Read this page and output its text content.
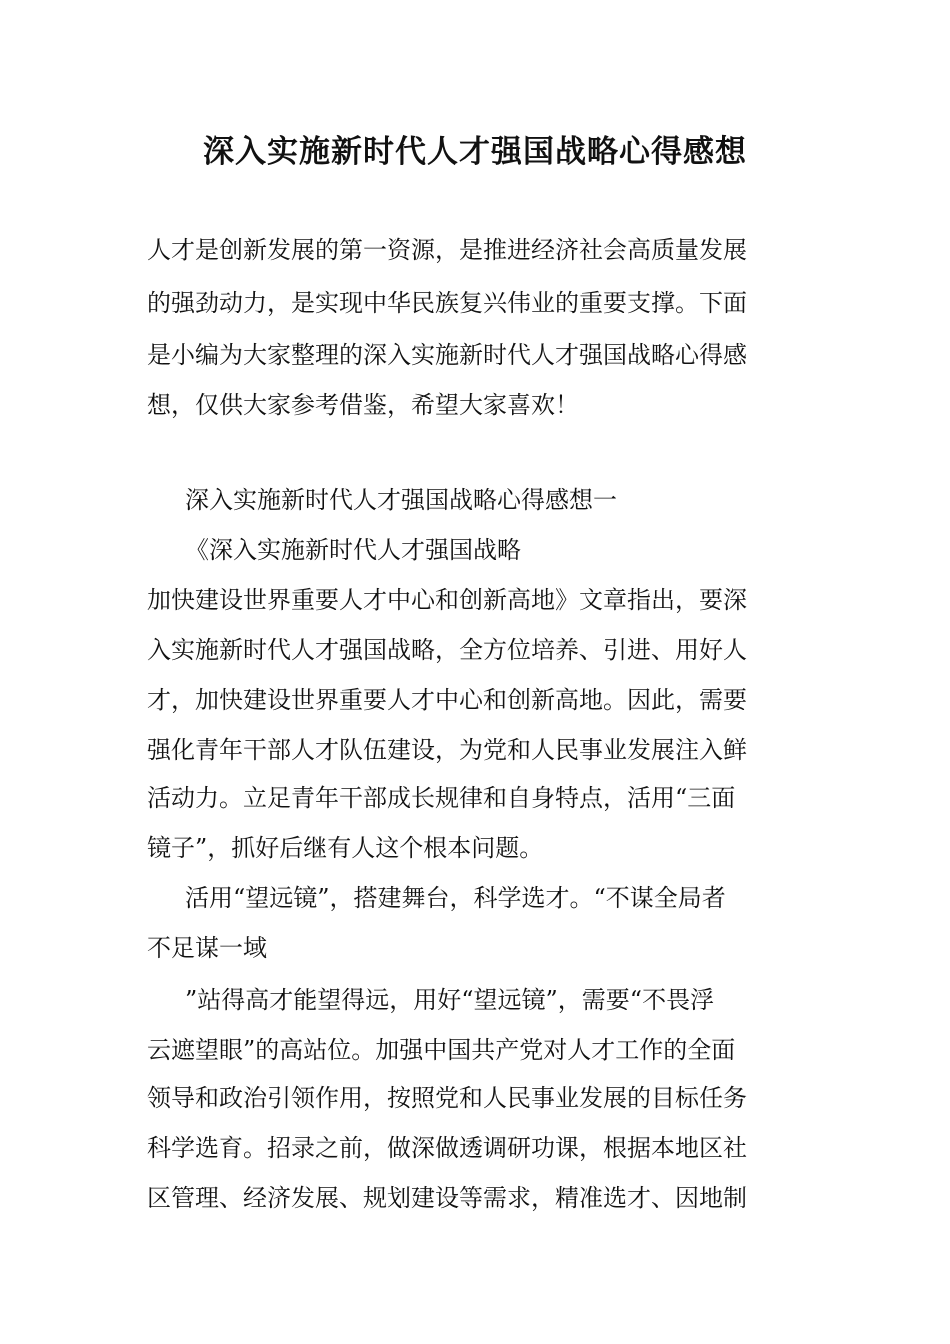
深入实施新时代人才强国战略心得感想
人才是创新发展的第一资源，是推进经济社会高质量发展
的强劲动力，是实现中华民族复兴伟业的重要支撑。下面
是小编为大家整理的深入实施新时代人才强国战略心得感
想，仅供大家参考借鉴，希望大家喜欢！
深入实施新时代人才强国战略心得感想一
《深入实施新时代人才强国战略
加快建设世界重要人才中心和创新高地》文章指出，要深
入实施新时代人才强国战略，全方位培养、引进、用好人
才，加快建设世界重要人才中心和创新高地。因此，需要
强化青年干部人才队伍建设，为党和人民事业发展注入鲜
活动力。立足青年干部成长规律和自身特点，活用“三面
镜子”，抓好后继有人这个根本问题。
活用“望远镜”，搭建舞台，科学选才。“不谋全局者
不足谋一域
”站得高才能望得远，用好“望远镜”，需要“不畏浮
云遮望眼”的高站位。加强中国共产党对人才工作的全面
领导和政治引领作用，按照党和人民事业发展的目标任务
科学选育。招录之前，做深做透调研功课，根据本地区社
区管理、经济发展、规划建设等需求，精准选才、因地制
